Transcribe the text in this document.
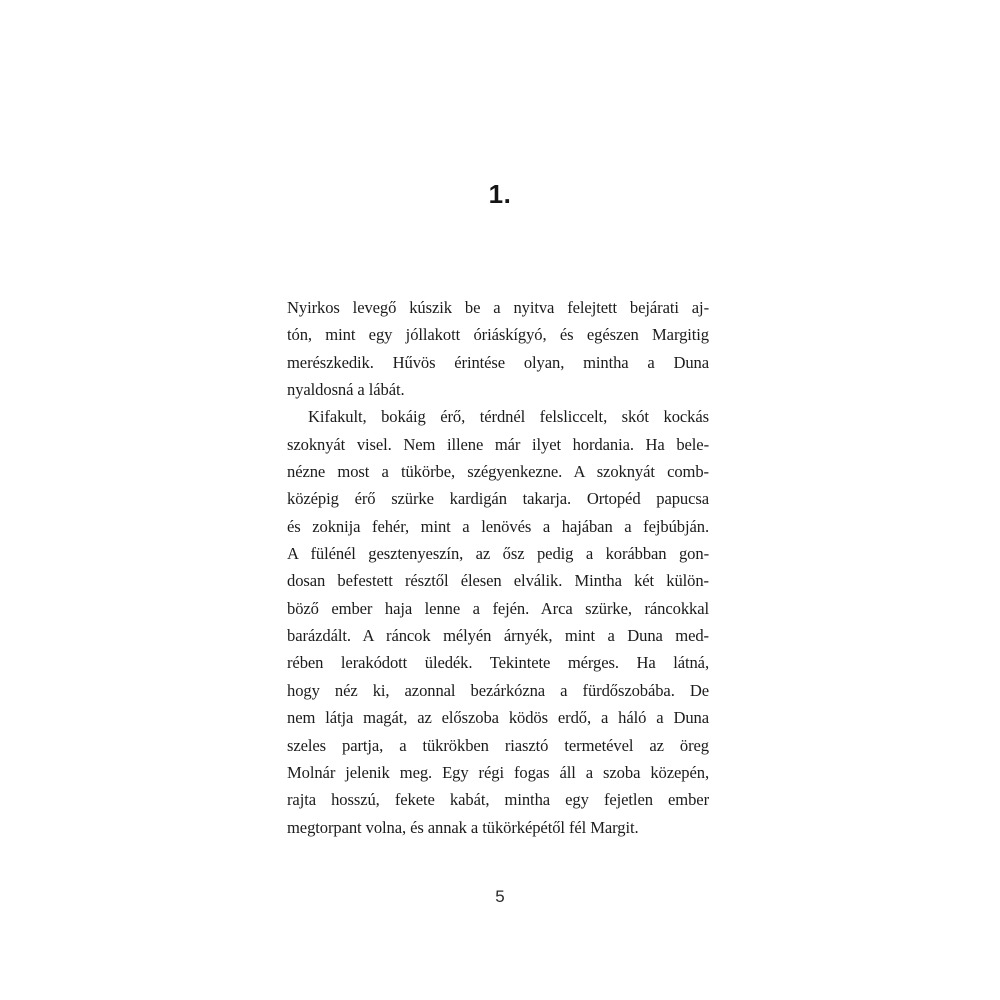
1.
Nyirkos levegő kúszik be a nyitva felejtett bejárati aj-
tón, mint egy jóllakott óriáskígyó, és egészen Margitig
merészkedik. Hűvös érintése olyan, mintha a Duna
nyaldosná a lábát.
Kifakult, bokáig érő, térdnél felsliccelt, skót kockás
szoknyát visel. Nem illene már ilyet hordania. Ha bele-
nézne most a tükörbe, szégyenkezne. A szoknyát comb-
középig érő szürke kardigán takarja. Ortopéd papucsa
és zoknija fehér, mint a lenövés a hajában a fejbúbján.
A fülénél gesztenyeszín, az ősz pedig a korábban gon-
dosan befestett résztől élesen elválik. Mintha két külön-
böző ember haja lenne a fején. Arca szürke, ráncokkal
barázdált. A ráncok mélyén árnyék, mint a Duna med-
rében lerakódott üledék. Tekintete mérges. Ha látná,
hogy néz ki, azonnal bezárkózna a fürdőszobába. De
nem látja magát, az előszoba ködös erdő, a háló a Duna
szeles partja, a tükrökben riasztó termetével az öreg
Molnár jelenik meg. Egy régi fogas áll a szoba közepén,
rajta hosszú, fekete kabát, mintha egy fejetlen ember
megtorpant volna, és annak a tükörképétől fél Margit.
5
